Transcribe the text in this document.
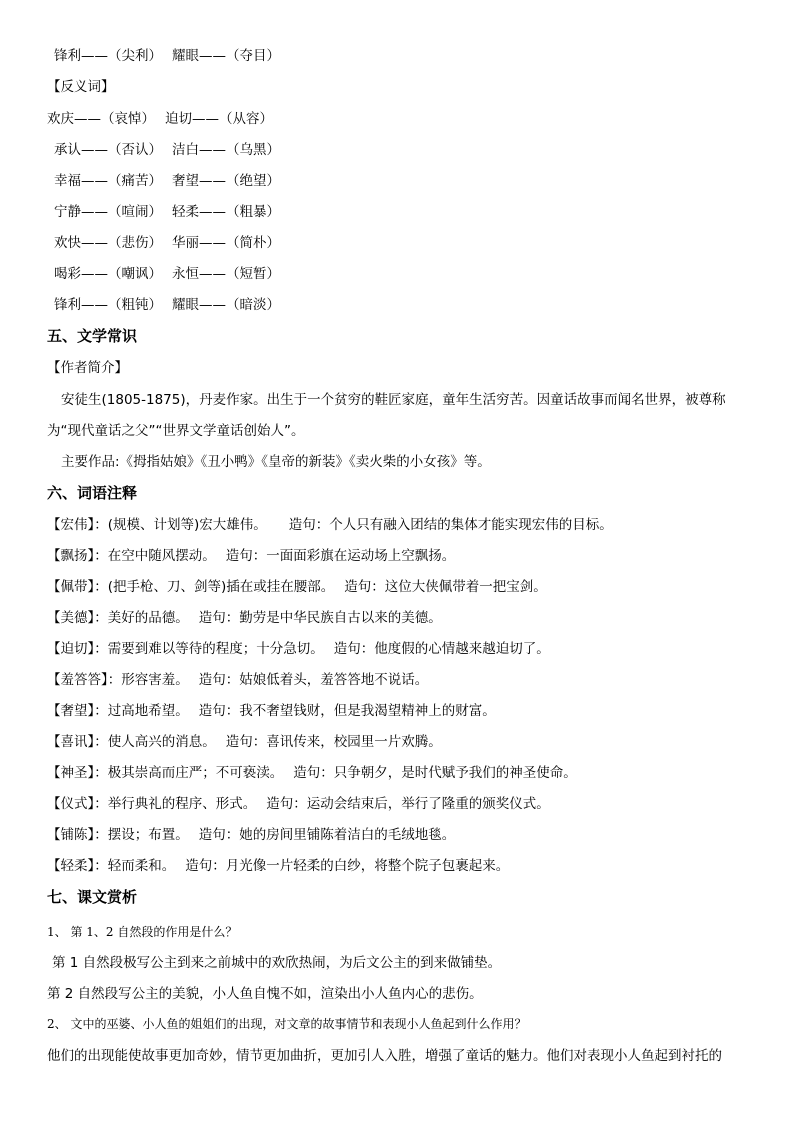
锋利——（尖利） 耀眼——（夺目）
【反义词】
欢庆——（哀悼） 迫切——（从容）
承认——（否认） 洁白——（乌黑）
幸福——（痛苦） 奢望——（绝望）
宁静——（喧闹） 轻柔——（粗暴）
欢快——（悲伤） 华丽——（简朴）
喝彩——（嘲讽） 永恒——（短暂）
锋利——（粗钝） 耀眼——（暗淡）
五、文学常识
【作者简介】
安徒生(1805-1875)，丹麦作家。出生于一个贫穷的鞋匠家庭，童年生活穷苦。因童话故事而闻名世界，被尊称
为“现代童话之父”“世界文学童话创始人”。
主要作品:《拇指姑娘》《丑小鸭》《皇帝的新装》《卖火柴的小女孩》等。
六、词语注释
【宏伟】：(规模、计划等)宏大雄伟。 造句：个人只有融入团结的集体才能实现宏伟的目标。
【飘扬】：在空中随风摆动。 造句：一面面彩旗在运动场上空飘扬。
【佩带】：(把手枪、刀、剑等)插在或挂在腰部。 造句：这位大侠佩带着一把宝剑。
【美德】：美好的品德。 造句：勤劳是中华民族自古以来的美德。
【迫切】：需要到难以等待的程度；十分急切。 造句：他度假的心情越来越迫切了。
【羞答答】：形容害羞。 造句：姑娘低着头，羞答答地不说话。
【奢望】：过高地希望。 造句：我不奢望钱财，但是我渴望精神上的财富。
【喜讯】：使人高兴的消息。 造句：喜讯传来，校园里一片欢腾。
【神圣】：极其崇高而庄严；不可亵渎。 造句：只争朝夕，是时代赋予我们的神圣使命。
【仪式】：举行典礼的程序、形式。 造句：运动会结束后，举行了隆重的颁奖仪式。
【铺陈】：摆设；布置。 造句：她的房间里铺陈着洁白的毛绒地毯。
【轻柔】：轻而柔和。 造句：月光像一片轻柔的白纱，将整个院子包裹起来。
七、课文赏析
1、 第 1、2 自然段的作用是什么？
第 1 自然段极写公主到来之前城中的欢欣热闹，为后文公主的到来做铺垫。
第 2 自然段写公主的美貌，小人鱼自愧不如，渲染出小人鱼内心的悲伤。
2、 文中的巫婆、小人鱼的姐姐们的出现，对文章的故事情节和表现小人鱼起到什么作用？
他们的出现能使故事更加奇妙，情节更加曲折，更加引人入胜，增强了童话的魅力。他们对表现小人鱼起到衬托的
